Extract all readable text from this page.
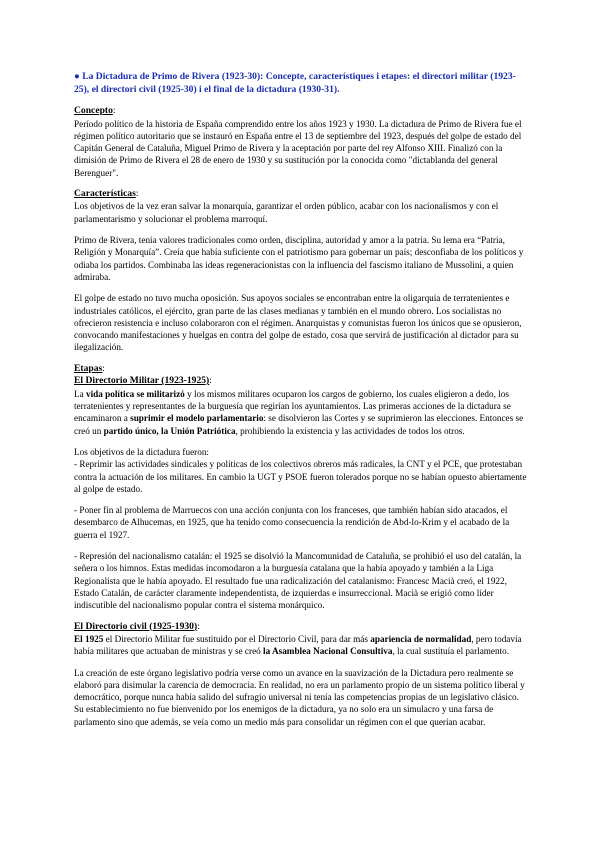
● La Dictadura de Primo de Rivera (1923-30): Concepte, característiques i etapes: el directori militar (1923-25), el directori civil (1925-30) i el final de la dictadura (1930-31).
Concepto:

Período político de la historia de España comprendido entre los años 1923 y 1930. La dictadura de Primo de Rivera fue el régimen político autoritario que se instauró en España entre el 13 de septiembre del 1923, después del golpe de estado del Capitán General de Cataluña, Miguel Primo de Rivera y la aceptación por parte del rey Alfonso XIII. Finalizó con la dimisión de Primo de Rivera el 28 de enero de 1930 y su sustitución por la conocida como "dictablanda del general Berenguer".

Características:

Los objetivos de la vez eran salvar la monarquía, garantizar el orden público, acabar con los nacionalismos y con el parlamentarismo y solucionar el problema marroquí.

Primo de Rivera, tenía valores tradicionales como orden, disciplina, autoridad y amor a la patria. Su lema era “Patria, Religión y Monarquía”. Creía que había suficiente con el patriotismo para gobernar un país; desconfiaba de los políticos y odiaba los partidos. Combinaba las ideas regeneracionistas con la influencia del fascismo italiano de Mussolini, a quien admiraba.

El golpe de estado no tuvo mucha oposición. Sus apoyos sociales se encontraban entre la oligarquía de terratenientes e industriales católicos, el ejército, gran parte de las clases medianas y también en el mundo obrero. Los socialistas no ofrecieron resistencia e incluso colaboraron con el régimen. Anarquistas y comunistas fueron los únicos que se opusieron, convocando manifestaciones y huelgas en contra del golpe de estado, cosa que servirá de justificación al dictador para su ilegalización.

Etapas:
El Directorio Militar (1923-1925):

La vida política se militarizó y los mismos militares ocuparon los cargos de gobierno, los cuales eligieron a dedo, los terratenientes y representantes de la burguesía que regirían los ayuntamientos. Las primeras acciones de la dictadura se encaminaron a suprimir el modelo parlamentario: se disolvieron las Cortes y se suprimieron las elecciones. Entonces se creó un partido único, la Unión Patriótica, prohibiendo la existencia y las actividades de todos los otros.

Los objetivos de la dictadura fueron:

- Reprimir las actividades sindicales y políticas de los colectivos obreros más radicales, la CNT y el PCE, que protestaban contra la actuación de los militares. En cambio la UGT y PSOE fueron tolerados porque no se habían opuesto abiertamente al golpe de estado.

- Poner fin al problema de Marruecos con una acción conjunta con los franceses, que también habían sido atacados, el desembarco de Alhucemas, en 1925, que ha tenido como consecuencia la rendición de Abd-lo-Krim y el acabado de la guerra el 1927.

- Represión del nacionalismo catalán: el 1925 se disolvió la Mancomunidad de Cataluña, se prohibió el uso del catalán, la señera o los himnos. Estas medidas incomodaron a la burguesía catalana que la había apoyado y también a la Liga Regionalista que le había apoyado. El resultado fue una radicalización del catalanismo: Francesc Macià creó, el 1922, Estado Catalán, de carácter claramente independentista, de izquierdas e insurreccional. Macià se erigió como líder indiscutible del nacionalismo popular contra el sistema monárquico.

El Directorio civil (1925-1930):

El 1925 el Directorio Militar fue sustituido por el Directorio Civil, para dar más apariencia de normalidad, pero todavía había militares que actuaban de ministras y se creó la Asamblea Nacional Consultiva, la cual sustituía el parlamento.

La creación de este órgano legislativo podría verse como un avance en la suavización de la Dictadura pero realmente se elaboró para disimular la carencia de democracia. En realidad, no era un parlamento propio de un sistema político liberal y democrático, porque nunca había salido del sufragio universal ni tenía las competencias propias de un legislativo clásico. Su establecimiento no fue bienvenido por los enemigos de la dictadura, ya no solo era un simulacro y una farsa de parlamento sino que además, se veía como un medio más para consolidar un régimen con el que querían acabar.
